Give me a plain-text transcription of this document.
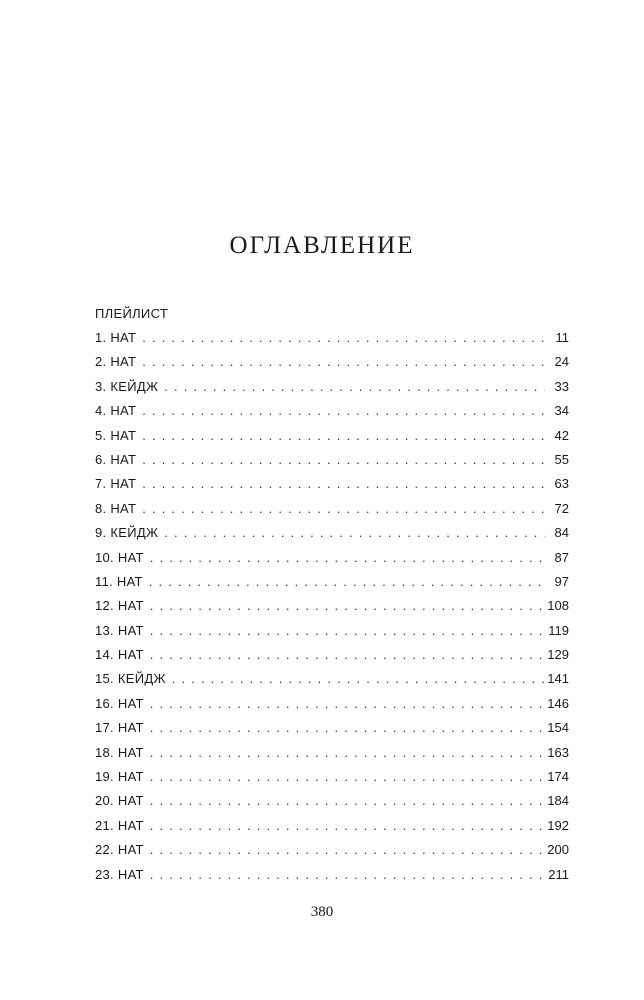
ОГЛАВЛЕНИЕ
ПЛЕЙЛИСТ
1. НАТ . . .	11
2. НАТ . . .	24
3. КЕЙДЖ . . .	33
4. НАТ . . .	34
5. НАТ . . .	42
6. НАТ . . .	55
7. НАТ . . .	63
8. НАТ . . .	72
9. КЕЙДЖ . . .	84
10. НАТ . . .	87
11. НАТ . . .	97
12. НАТ . . .	108
13. НАТ . . .	119
14. НАТ . . .	129
15. КЕЙДЖ . . .	141
16. НАТ . . .	146
17. НАТ . . .	154
18. НАТ . . .	163
19. НАТ . . .	174
20. НАТ . . .	184
21. НАТ . . .	192
22. НАТ . . .	200
23. НАТ . . .	211
380
